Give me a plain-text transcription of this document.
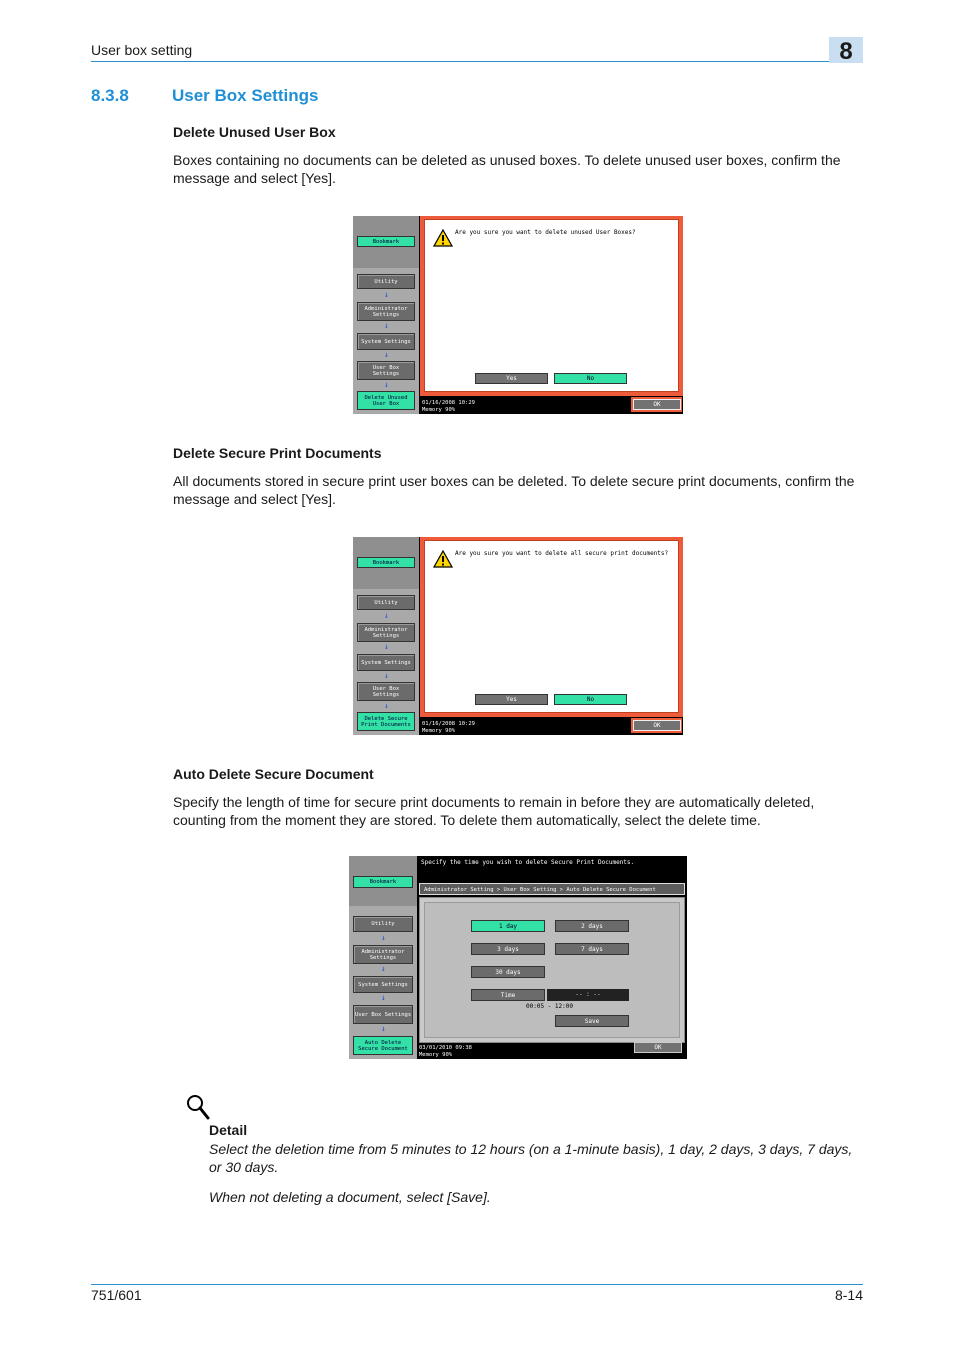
User box setting	8
8.3.8	User Box Settings
Delete Unused User Box
Boxes containing no documents can be deleted as unused boxes. To delete unused user boxes, confirm the message and select [Yes].
Bookmark
Utility
↓
Administrator Settings
↓
System Settings
↓
User Box Settings
↓
Delete Unused User Box
Are you sure you want to delete unused User Boxes?
Yes	No
01/16/2008 10:29
Memory 90%
OK
Delete Secure Print Documents
All documents stored in secure print user boxes can be deleted. To delete secure print documents, confirm the message and select [Yes].
Bookmark
Utility
↓
Administrator Settings
↓
System Settings
↓
User Box Settings
↓
Delete Secure Print Documents
Are you sure you want to delete all secure print documents?
Yes	No
01/16/2008 10:29
Memory 90%
OK
Auto Delete Secure Document
Specify the length of time for secure print documents to remain in before they are automatically deleted, counting from the moment they are stored. To delete them automatically, select the delete time.
Bookmark
Utility
↓
Administrator Settings
↓
System Settings
↓
User Box Settings
↓
Auto Delete Secure Document
Specify the time you wish to delete Secure Print Documents.
Administrator Setting > User Box Setting > Auto Delete Secure Document
1 day	2 days
3 days	7 days
30 days
Time	-- : --
00:05 - 12:00
Save
03/01/2010 09:38
Memory 90%
OK
Detail
Select the deletion time from 5 minutes to 12 hours (on a 1-minute basis), 1 day, 2 days, 3 days, 7 days, or 30 days.
When not deleting a document, select [Save].
751/601	8-14
